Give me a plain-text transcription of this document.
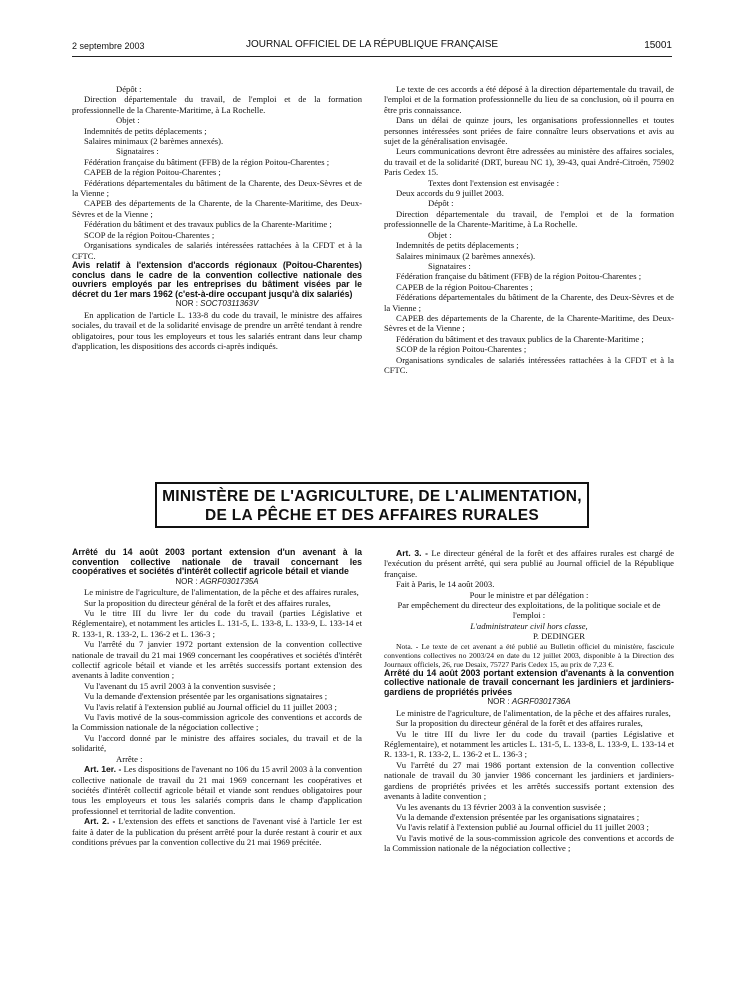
2 septembre 2003	JOURNAL OFFICIEL DE LA RÉPUBLIQUE FRANÇAISE	15001

Dépôt :

Direction départementale du travail, de l'emploi et de la formation professionnelle de la Charente-Maritime, à La Rochelle.

Objet :

Indemnités de petits déplacements ;

Salaires minimaux (2 barèmes annexés).

Signataires :

Fédération française du bâtiment (FFB) de la région Poitou-Charentes ;

CAPEB de la région Poitou-Charentes ;

Fédérations départementales du bâtiment de la Charente, des Deux-Sèvres et de la Vienne ;

CAPEB des départements de la Charente, de la Charente-Maritime, des Deux-Sèvres et de la Vienne ;

Fédération du bâtiment et des travaux publics de la Charente-Maritime ;

SCOP de la région Poitou-Charentes ;

Organisations syndicales de salariés intéressées rattachées à la CFDT et à la CFTC.

Avis relatif à l'extension d'accords régionaux (Poitou-Charentes) conclus dans le cadre de la convention collective nationale des ouvriers employés par les entreprises du bâtiment visées par le décret du 1er mars 1962 (c'est-à-dire occupant jusqu'à dix salariés)

NOR : SOCT0311363V

En application de l'article L. 133-8 du code du travail, le ministre des affaires sociales, du travail et de la solidarité envisage de prendre un arrêté tendant à rendre obligatoires, pour tous les employeurs et tous les salariés entrant dans leur champ d'application, les dispositions des accords ci-après indiqués.

Le texte de ces accords a été déposé à la direction départementale du travail, de l'emploi et de la formation professionnelle du lieu de sa conclusion, où il pourra en être pris connaissance.

Dans un délai de quinze jours, les organisations professionnelles et toutes personnes intéressées sont priées de faire connaître leurs observations et avis au sujet de la généralisation envisagée.

Leurs communications devront être adressées au ministère des affaires sociales, du travail et de la solidarité (DRT, bureau NC 1), 39-43, quai André-Citroën, 75902 Paris Cedex 15.

Textes dont l'extension est envisagée :

Deux accords du 9 juillet 2003.

Dépôt :

Direction départementale du travail, de l'emploi et de la formation professionnelle de la Charente-Maritime, à La Rochelle.

Objet :

Indemnités de petits déplacements ;

Salaires minimaux (2 barèmes annexés).

Signataires :

Fédération française du bâtiment (FFB) de la région Poitou-Charentes ;

CAPEB de la région Poitou-Charentes ;

Fédérations départementales du bâtiment de la Charente, des Deux-Sèvres et de la Vienne ;

CAPEB des départements de la Charente, de la Charente-Maritime, des Deux-Sèvres et de la Vienne ;

Fédération du bâtiment et des travaux publics de la Charente-Maritime ;

SCOP de la région Poitou-Charentes ;

Organisations syndicales de salariés intéressées rattachées à la CFDT et à la CFTC.

MINISTÈRE DE L'AGRICULTURE, DE L'ALIMENTATION,
DE LA PÊCHE ET DES AFFAIRES RURALES

Arrêté du 14 août 2003 portant extension d'un avenant à la convention collective nationale de travail concernant les coopératives et sociétés d'intérêt collectif agricole bétail et viande

NOR : AGRF0301735A

Le ministre de l'agriculture, de l'alimentation, de la pêche et des affaires rurales,

Sur la proposition du directeur général de la forêt et des affaires rurales,

Vu le titre III du livre Ier du code du travail (parties Législative et Réglementaire), et notamment les articles L. 131-5, L. 133-8, L. 133-9, L. 133-14 et R. 133-1, R. 133-2, L. 136-2 et L. 136-3 ;

Vu l'arrêté du 7 janvier 1972 portant extension de la convention collective nationale de travail du 21 mai 1969 concernant les coopératives et sociétés d'intérêt collectif agricole bétail et viande et les arrêtés successifs portant extension des avenants à ladite convention ;

Vu l'avenant du 15 avril 2003 à la convention susvisée ;

Vu la demande d'extension présentée par les organisations signataires ;

Vu l'avis relatif à l'extension publié au Journal officiel du 11 juillet 2003 ;

Vu l'avis motivé de la sous-commission agricole des conventions et accords de la Commission nationale de la négociation collective ;

Vu l'accord donné par le ministre des affaires sociales, du travail et de la solidarité,

Arrête :

Art. 1er. - Les dispositions de l'avenant no 106 du 15 avril 2003 à la convention collective nationale de travail du 21 mai 1969 concernant les coopératives et sociétés d'intérêt collectif agricole bétail et viande sont rendues obligatoires pour tous les employeurs et tous les salariés compris dans le champ d'application professionnel et territorial de ladite convention.

Art. 2. - L'extension des effets et sanctions de l'avenant visé à l'article 1er est faite à dater de la publication du présent arrêté pour la durée restant à courir et aux conditions prévues par la convention collective du 21 mai 1969 précitée.

Art. 3. - Le directeur général de la forêt et des affaires rurales est chargé de l'exécution du présent arrêté, qui sera publié au Journal officiel de la République française.

Fait à Paris, le 14 août 2003.

Pour le ministre et par délégation :

Par empêchement du directeur des exploitations, de la politique sociale et de l'emploi :

L'administrateur civil hors classe,

P. DEDINGER

Nota. - Le texte de cet avenant a été publié au Bulletin officiel du ministère, fascicule conventions collectives no 2003/24 en date du 12 juillet 2003, disponible à la Direction des Journaux officiels, 26, rue Desaix, 75727 Paris Cedex 15, au prix de 7,23 €.

Arrêté du 14 août 2003 portant extension d'avenants à la convention collective nationale de travail concernant les jardiniers et jardiniers-gardiens de propriétés privées

NOR : AGRF0301736A

Le ministre de l'agriculture, de l'alimentation, de la pêche et des affaires rurales,

Sur la proposition du directeur général de la forêt et des affaires rurales,

Vu le titre III du livre Ier du code du travail (parties Législative et Réglementaire), et notamment les articles L. 131-5, L. 133-8, L. 133-9, L. 133-14 et R. 133-1, R. 133-2, L. 136-2 et L. 136-3 ;

Vu l'arrêté du 27 mai 1986 portant extension de la convention collective nationale de travail du 30 janvier 1986 concernant les jardiniers et jardiniers-gardiens de propriétés privées et les arrêtés successifs portant extension des avenants à ladite convention ;

Vu les avenants du 13 février 2003 à la convention susvisée ;

Vu la demande d'extension présentée par les organisations signataires ;

Vu l'avis relatif à l'extension publié au Journal officiel du 11 juillet 2003 ;

Vu l'avis motivé de la sous-commission agricole des conventions et accords de la Commission nationale de la négociation collective ;
